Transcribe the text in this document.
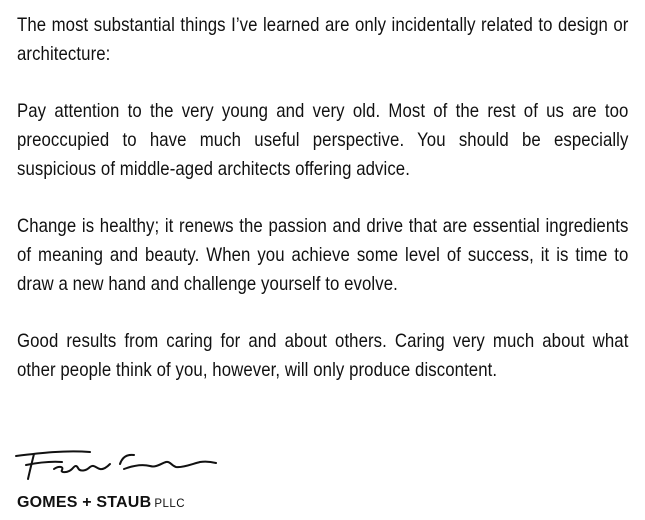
The most substantial things I’ve learned are only incidentally related to design or architecture:

Pay attention to the very young and very old. Most of the rest of us are too preoccupied to have much useful perspective. You should be especially suspicious of middle-aged architects offering advice.

Change is healthy; it renews the passion and drive that are essential ingredients of meaning and beauty. When you achieve some level of success, it is time to draw a new hand and challenge yourself to evolve.

Good results from caring for and about others. Caring very much about what other people think of you, however, will only produce discontent.

GOMES + STAUB PLLC
